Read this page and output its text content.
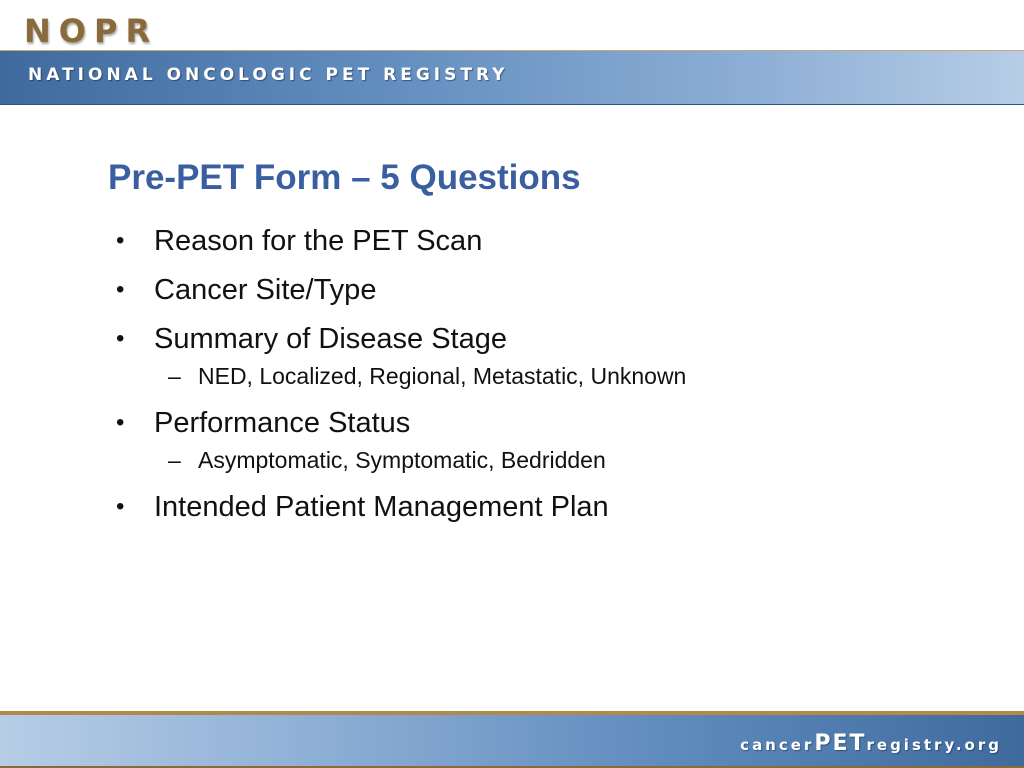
NOPR
NATIONAL ONCOLOGIC PET REGISTRY
Pre-PET Form – 5 Questions
• Reason for the PET Scan
• Cancer Site/Type
• Summary of Disease Stage
– NED, Localized, Regional, Metastatic, Unknown
• Performance Status
– Asymptomatic, Symptomatic, Bedridden
• Intended Patient Management Plan
cancerPETregistry.org
